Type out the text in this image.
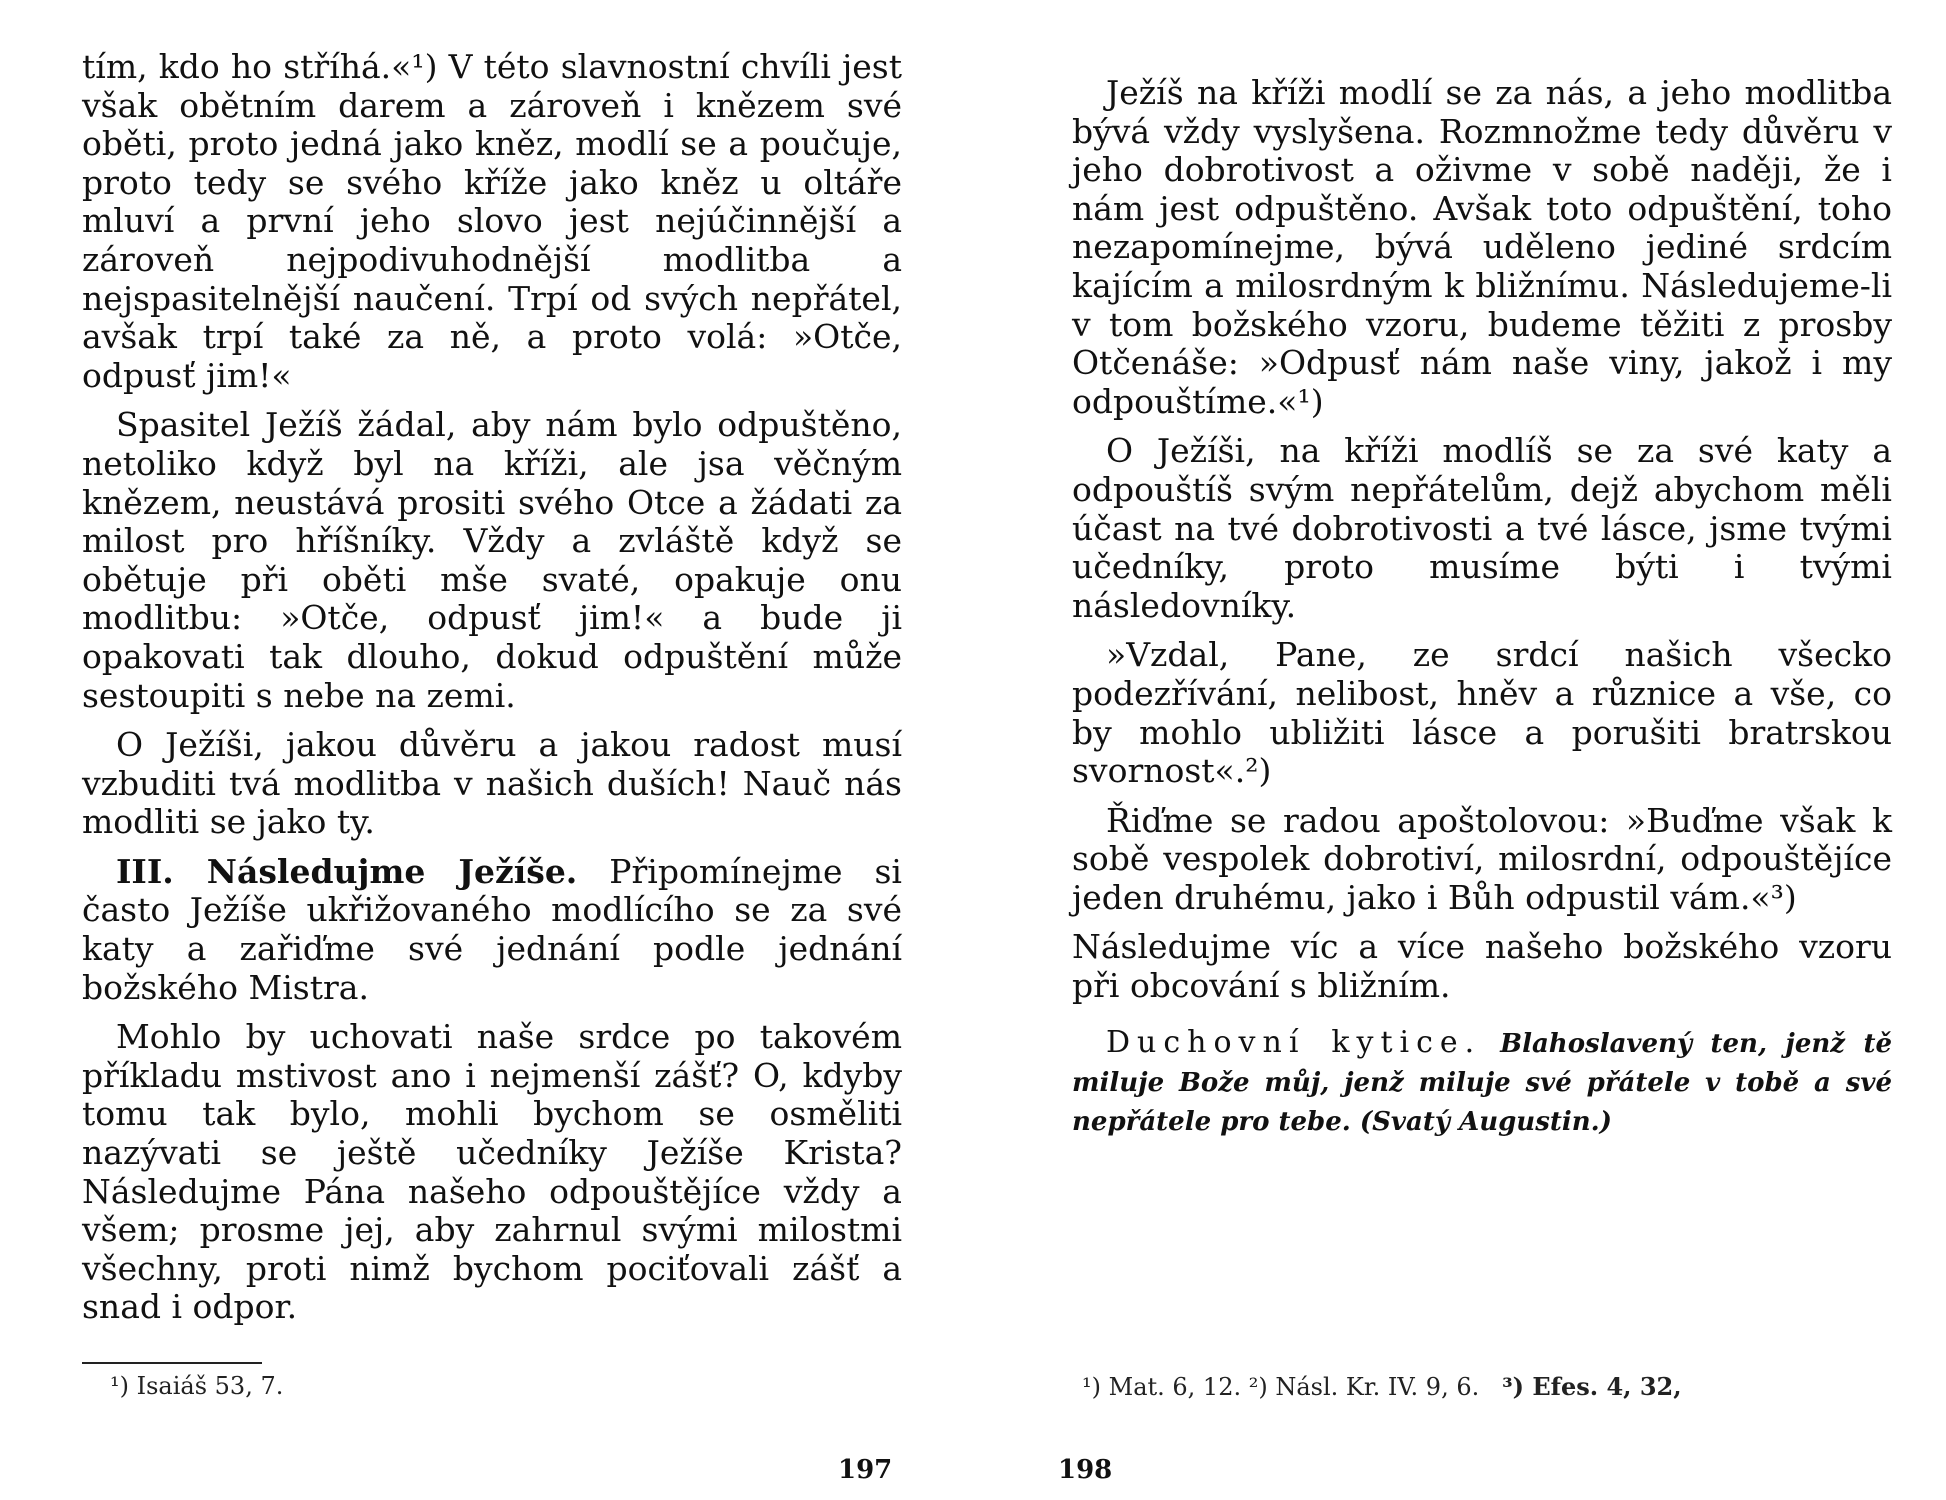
tím, kdo ho stříhá.«¹) V této slavnostní chvíli jest však obětním darem a zároveň i knězem své oběti, proto jedná jako kněz, modlí se a poučuje, proto tedy se svého kříže jako kněz u oltáře mluví a první jeho slovo jest nejúčinnější a zároveň nejpodivuhodnější modlitba a nejspasitelnější naučení. Trpí od svých nepřátel, avšak trpí také za ně, a proto volá: »Otče, odpusť jim!«

Spasitel Ježíš žádal, aby nám bylo odpuštěno, netoliko když byl na kříži, ale jsa věčným knězem, neustává prositi svého Otce a žádati za milost pro hříšníky. Vždy a zvláště když se obětuje při oběti mše svaté, opakuje onu modlitbu: »Otče, odpusť jim!« a bude ji opakovati tak dlouho, dokud odpuštění může sestoupiti s nebe na zemi.

O Ježíši, jakou důvěru a jakou radost musí vzbuditi tvá modlitba v našich duších! Nauč nás modliti se jako ty.

III. Následujme Ježíše. Připomínejme si často Ježíše ukřižovaného modlícího se za své katy a zařiďme své jednání podle jednání božského Mistra.

Mohlo by uchovati naše srdce po takovém příkladu mstivost ano i nejmenší zášť? O, kdyby tomu tak bylo, mohli bychom se osměliti nazývati se ještě učedníky Ježíše Krista? Následujme Pána našeho odpouštějíce vždy a všem; prosme jej, aby zahrnul svými milostmi všechny, proti nimž bychom pociťovali zášť a snad i odpor.

¹) Isaiáš 53, 7.
197

Ježíš na kříži modlí se za nás, a jeho modlitba bývá vždy vyslyšena. Rozmnožme tedy důvěru v jeho dobrotivost a oživme v sobě naději, že i nám jest odpuštěno. Avšak toto odpuštění, toho nezapomínejme, bývá uděleno jediné srdcím kajícím a milosrdným k bližnímu. Následujeme-li v tom božského vzoru, budeme těžiti z prosby Otčenáše: »Odpusť nám naše viny, jakož i my odpouštíme.«¹)

O Ježíši, na kříži modlíš se za své katy a odpouštíš svým nepřátelům, dejž abychom měli účast na tvé dobrotivosti a tvé lásce, jsme tvými učedníky, proto musíme býti i tvými následovníky.

»Vzdal, Pane, ze srdcí našich všecko podezřívání, nelibost, hněv a různice a vše, co by mohlo ubližiti lásce a porušiti bratrskou svornost«.²)

Řiďme se radou apoštolovou: »Buďme však k sobě vespolek dobrotiví, milosrdní, odpouštějíce jeden druhému, jako i Bůh odpustil vám.«³)

Následujme víc a více našeho božského vzoru při obcování s bližním.

Duchovní kytice. Blahoslavený ten, jenž tě miluje Bože můj, jenž miluje své přátele v tobě a své nepřátele pro tebe. (Svatý Augustin.)

¹) Mat. 6, 12. ²) Násl. Kr. IV. 9, 6. ³) Efes. 4, 32,
198
